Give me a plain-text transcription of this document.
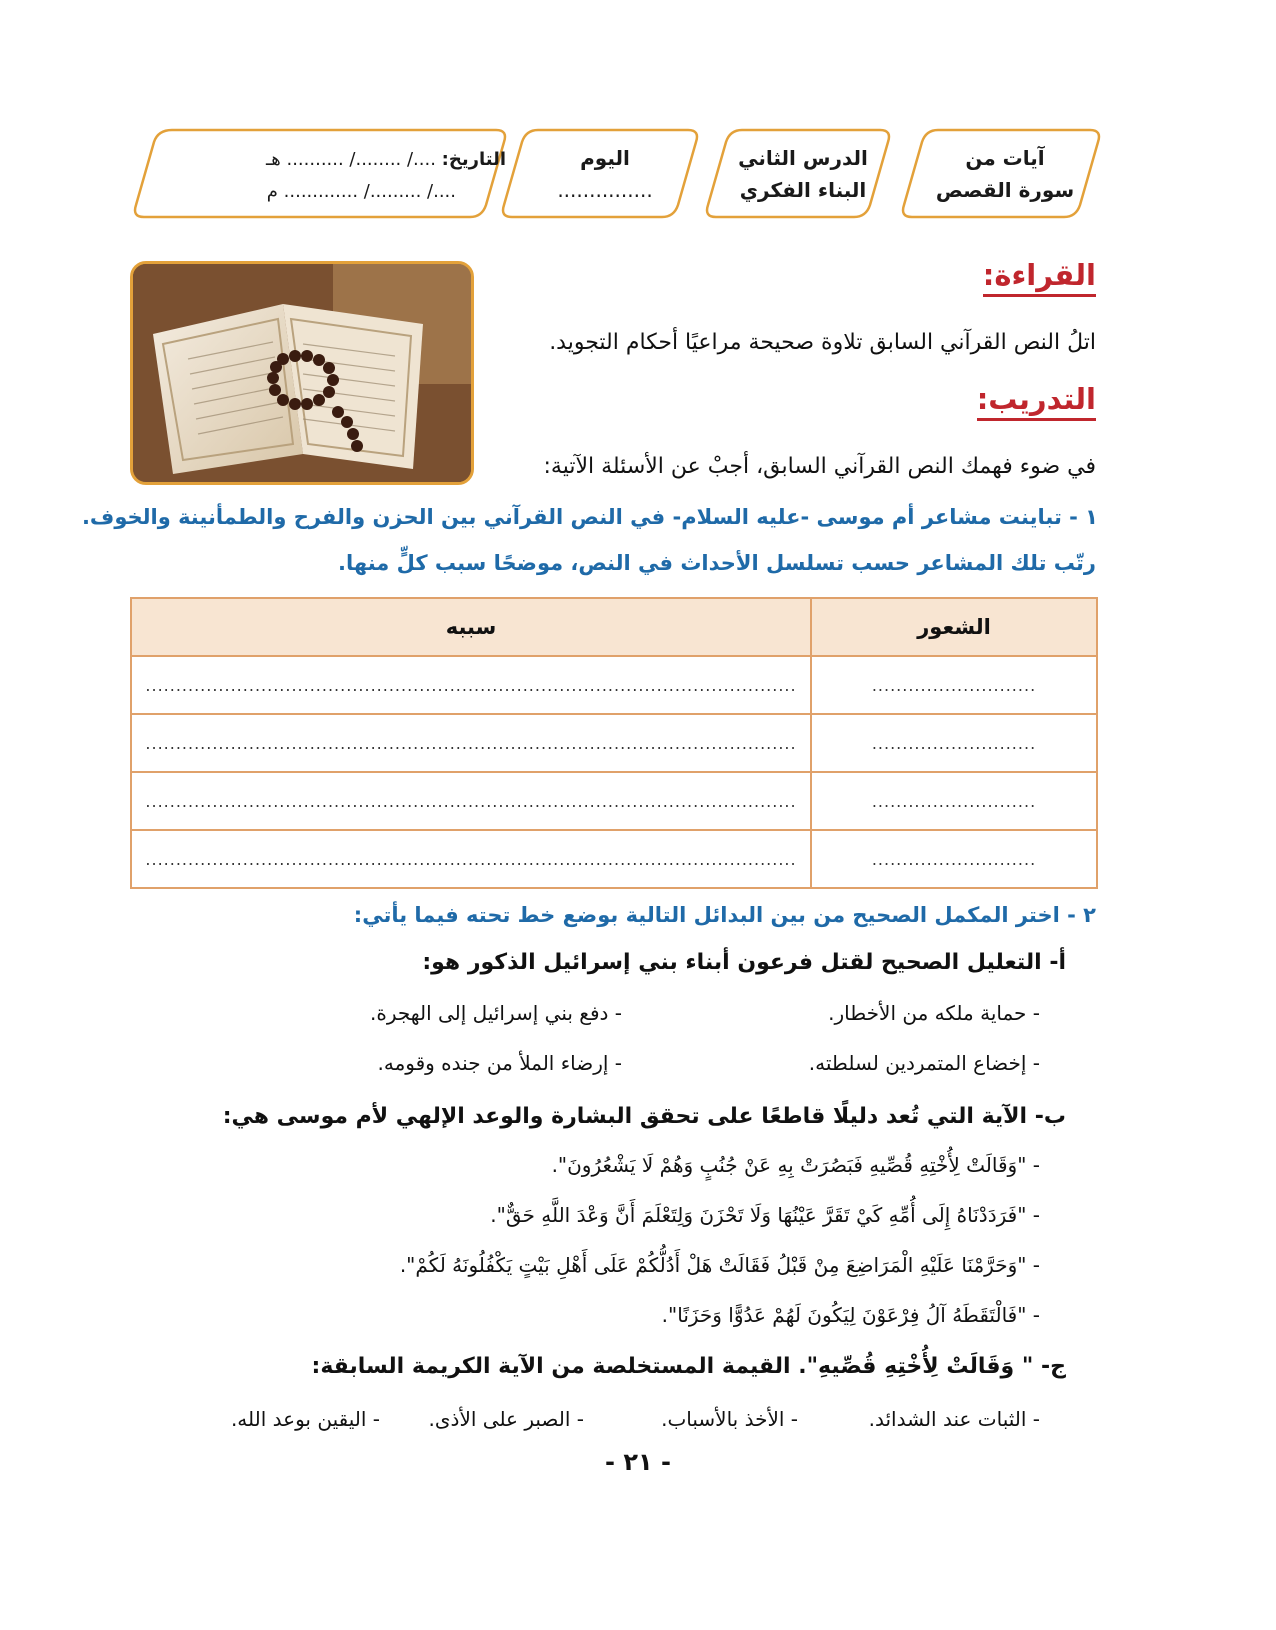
آيات من
سورة القصص
الدرس الثاني
البناء الفكري
اليوم
...............
التاريخ: ..../ ......../ .......... هـ
..../ ........./ ............. م
القراءة:
اتلُ النص القرآني السابق تلاوة صحيحة مراعيًا أحكام التجويد.
التدريب:
في ضوء فهمك النص القرآني السابق، أجبْ عن الأسئلة الآتية:
١ - تباينت مشاعر أم موسى -عليه السلام- في النص القرآني بين الحزن والفرح والطمأنينة والخوف.
رتّب تلك المشاعر حسب تسلسل الأحداث في النص، موضحًا سبب كلٍّ منها.
الشعور	سببه
...........................	...........................................................................................................
...........................	...........................................................................................................
...........................	...........................................................................................................
...........................	...........................................................................................................
٢ - اختر المكمل الصحيح من بين البدائل التالية بوضع خط تحته فيما يأتي:
أ- التعليل الصحيح لقتل فرعون أبناء بني إسرائيل الذكور هو:
- حماية ملكه من الأخطار.
- دفع بني إسرائيل إلى الهجرة.
- إخضاع المتمردين لسلطته.
- إرضاء الملأ من جنده وقومه.
ب- الآية التي تُعد دليلًا قاطعًا على تحقق البشارة والوعد الإلهي لأم موسى هي:
- "وَقَالَتْ لِأُخْتِهِ قُصِّيهِ فَبَصُرَتْ بِهِ عَنْ جُنُبٍ وَهُمْ لَا يَشْعُرُونَ".
- "فَرَدَدْنَاهُ إِلَى أُمِّهِ كَيْ تَقَرَّ عَيْنُهَا وَلَا تَحْزَنَ وَلِتَعْلَمَ أَنَّ وَعْدَ اللَّهِ حَقٌّ".
- "وَحَرَّمْنَا عَلَيْهِ الْمَرَاضِعَ مِنْ قَبْلُ فَقَالَتْ هَلْ أَدُلُّكُمْ عَلَى أَهْلِ بَيْتٍ يَكْفُلُونَهُ لَكُمْ".
- "فَالْتَقَطَهُ آلُ فِرْعَوْنَ لِيَكُونَ لَهُمْ عَدُوًّا وَحَزَنًا".
ج- " وَقَالَتْ لِأُخْتِهِ قُصِّيهِ". القيمة المستخلصة من الآية الكريمة السابقة:
- الثبات عند الشدائد.
- الأخذ بالأسباب.
- الصبر على الأذى.
- اليقين بوعد الله.
- ٢١ -
